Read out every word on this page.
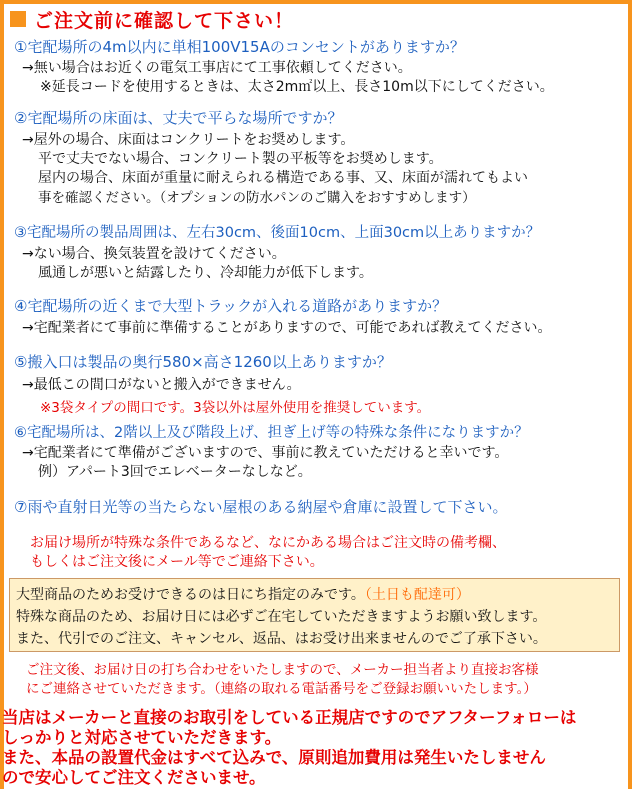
ご注文前に確認して下さい！
①宅配場所の4m以内に単相100V15Aのコンセントがありますか？
→無い場合はお近くの電気工事店にて工事依頼してください。
※延長コードを使用するときは、太さ2m㎡以上、長さ10m以下にしてください。
②宅配場所の床面は、丈夫で平らな場所ですか？
→屋外の場合、床面はコンクリートをお奨めします。
平で丈夫でない場合、コンクリート製の平板等をお奨めします。
屋内の場合、床面が重量に耐えられる構造である事、又、床面が濡れてもよい
事を確認ください。（オプションの防水パンのご購入をおすすめします）
③宅配場所の製品周囲は、左右30cm、後面10cm、上面30cm以上ありますか？
→ない場合、換気装置を設けてください。
風通しが悪いと結露したり、冷却能力が低下します。
④宅配場所の近くまで大型トラックが入れる道路がありますか？
→宅配業者にて事前に準備することがありますので、可能であれば教えてください。
⑤搬入口は製品の奥行580×高さ1260以上ありますか？
→最低この間口がないと搬入ができません。
※3袋タイプの間口です。3袋以外は屋外使用を推奨しています。
⑥宅配場所は、2階以上及び階段上げ、担ぎ上げ等の特殊な条件になりますか？
→宅配業者にて準備がございますので、事前に教えていただけると幸いです。
例）アパート3回でエレベーターなしなど。
⑦雨や直射日光等の当たらない屋根のある納屋や倉庫に設置して下さい。
お届け場所が特殊な条件であるなど、なにかある場合はご注文時の備考欄、
もしくはご注文後にメール等でご連絡下さい。
大型商品のためお受けできるのは日にち指定のみです。（土日も配達可）
特殊な商品のため、お届け日には必ずご在宅していただきますようお願い致します。
また、代引でのご注文、キャンセル、返品、はお受け出来ませんのでご了承下さい。
ご注文後、お届け日の打ち合わせをいたしますので、メーカー担当者より直接お客様
にご連絡させていただきます。（連絡の取れる電話番号をご登録お願いいたします。）
当店はメーカーと直接のお取引をしている正規店ですのでアフターフォローは
しっかりと対応させていただきます。
また、本品の設置代金はすべて込みで、原則追加費用は発生いたしません
ので安心してご注文くださいませ。
